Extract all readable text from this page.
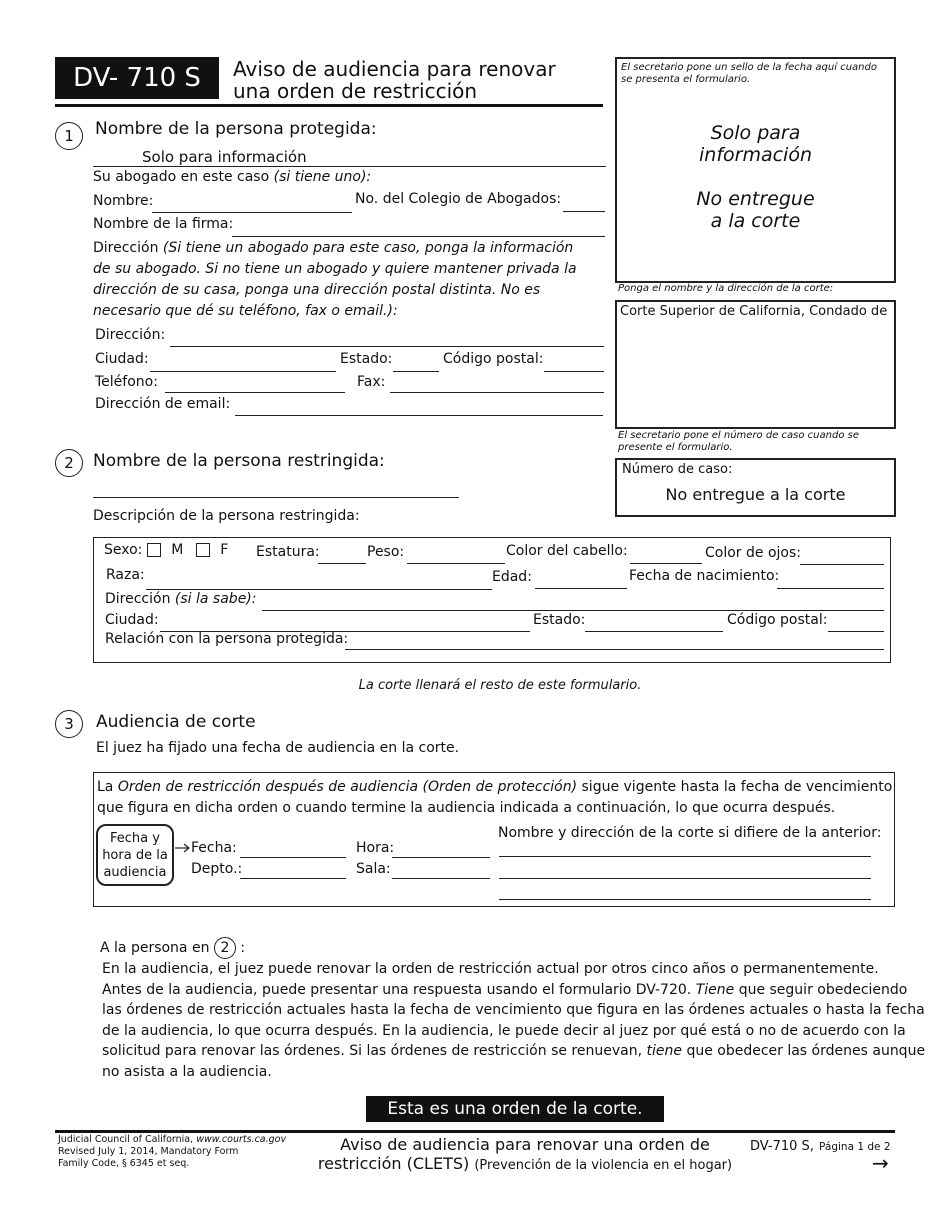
DV- 710 S	Aviso de audiencia para renovar
una orden de restricción
El secretario pone un sello de la fecha aquí cuando se presenta el formulario.
Solo para
información
No entregue
a la corte
Ponga el nombre y la dirección de la corte:
Corte Superior de California, Condado de
El secretario pone el número de caso cuando se presente el formulario.
Número de caso:
No entregue a la corte
1	Nombre de la persona protegida:
Solo para información
Su abogado en este caso (si tiene uno):
Nombre:	No. del Colegio de Abogados:
Nombre de la firma:
Dirección (Si tiene un abogado para este caso, ponga la información
de su abogado. Si no tiene un abogado y quiere mantener privada la
dirección de su casa, ponga una dirección postal distinta. No es
necesario que dé su teléfono, fax o email.):
Dirección:
Ciudad:	Estado:	Código postal:
Teléfono:	Fax:
Dirección de email:
2	Nombre de la persona restringida:
Descripción de la persona restringida:
Sexo: M	F Estatura:	Peso:	Color del cabello:	Color de ojos:
Raza:	Edad:	Fecha de nacimiento:
Dirección (si la sabe):
Ciudad:	Estado:	Código postal:
Relación con la persona protegida:
La corte llenará el resto de este formulario.
3	Audiencia de corte
El juez ha fijado una fecha de audiencia en la corte.
La Orden de restricción después de audiencia (Orden de protección) sigue vigente hasta la fecha de vencimiento
que figura en dicha orden o cuando termine la audiencia indicada a continuación, lo que ocurra después.
Fecha y hora de la audiencia
Fecha:	Hora:
Depto.:	Sala:
Nombre y dirección de la corte si difiere de la anterior:
A la persona en 2 :
En la audiencia, el juez puede renovar la orden de restricción actual por otros cinco años o permanentemente.
Antes de la audiencia, puede presentar una respuesta usando el formulario DV-720. Tiene que seguir obedeciendo
las órdenes de restricción actuales hasta la fecha de vencimiento que figura en las órdenes actuales o hasta la fecha
de la audiencia, lo que ocurra después. En la audiencia, le puede decir al juez por qué está o no de acuerdo con la
solicitud para renovar las órdenes. Si las órdenes de restricción se renuevan, tiene que obedecer las órdenes aunque
no asista a la audiencia.
Esta es una orden de la corte.
Judicial Council of California, www.courts.ca.gov
Revised July 1, 2014, Mandatory Form
Family Code, § 6345 et seq.
Aviso de audiencia para renovar una orden de
restricción (CLETS) (Prevención de la violencia en el hogar)
DV-710 S, Página 1 de 2
→
